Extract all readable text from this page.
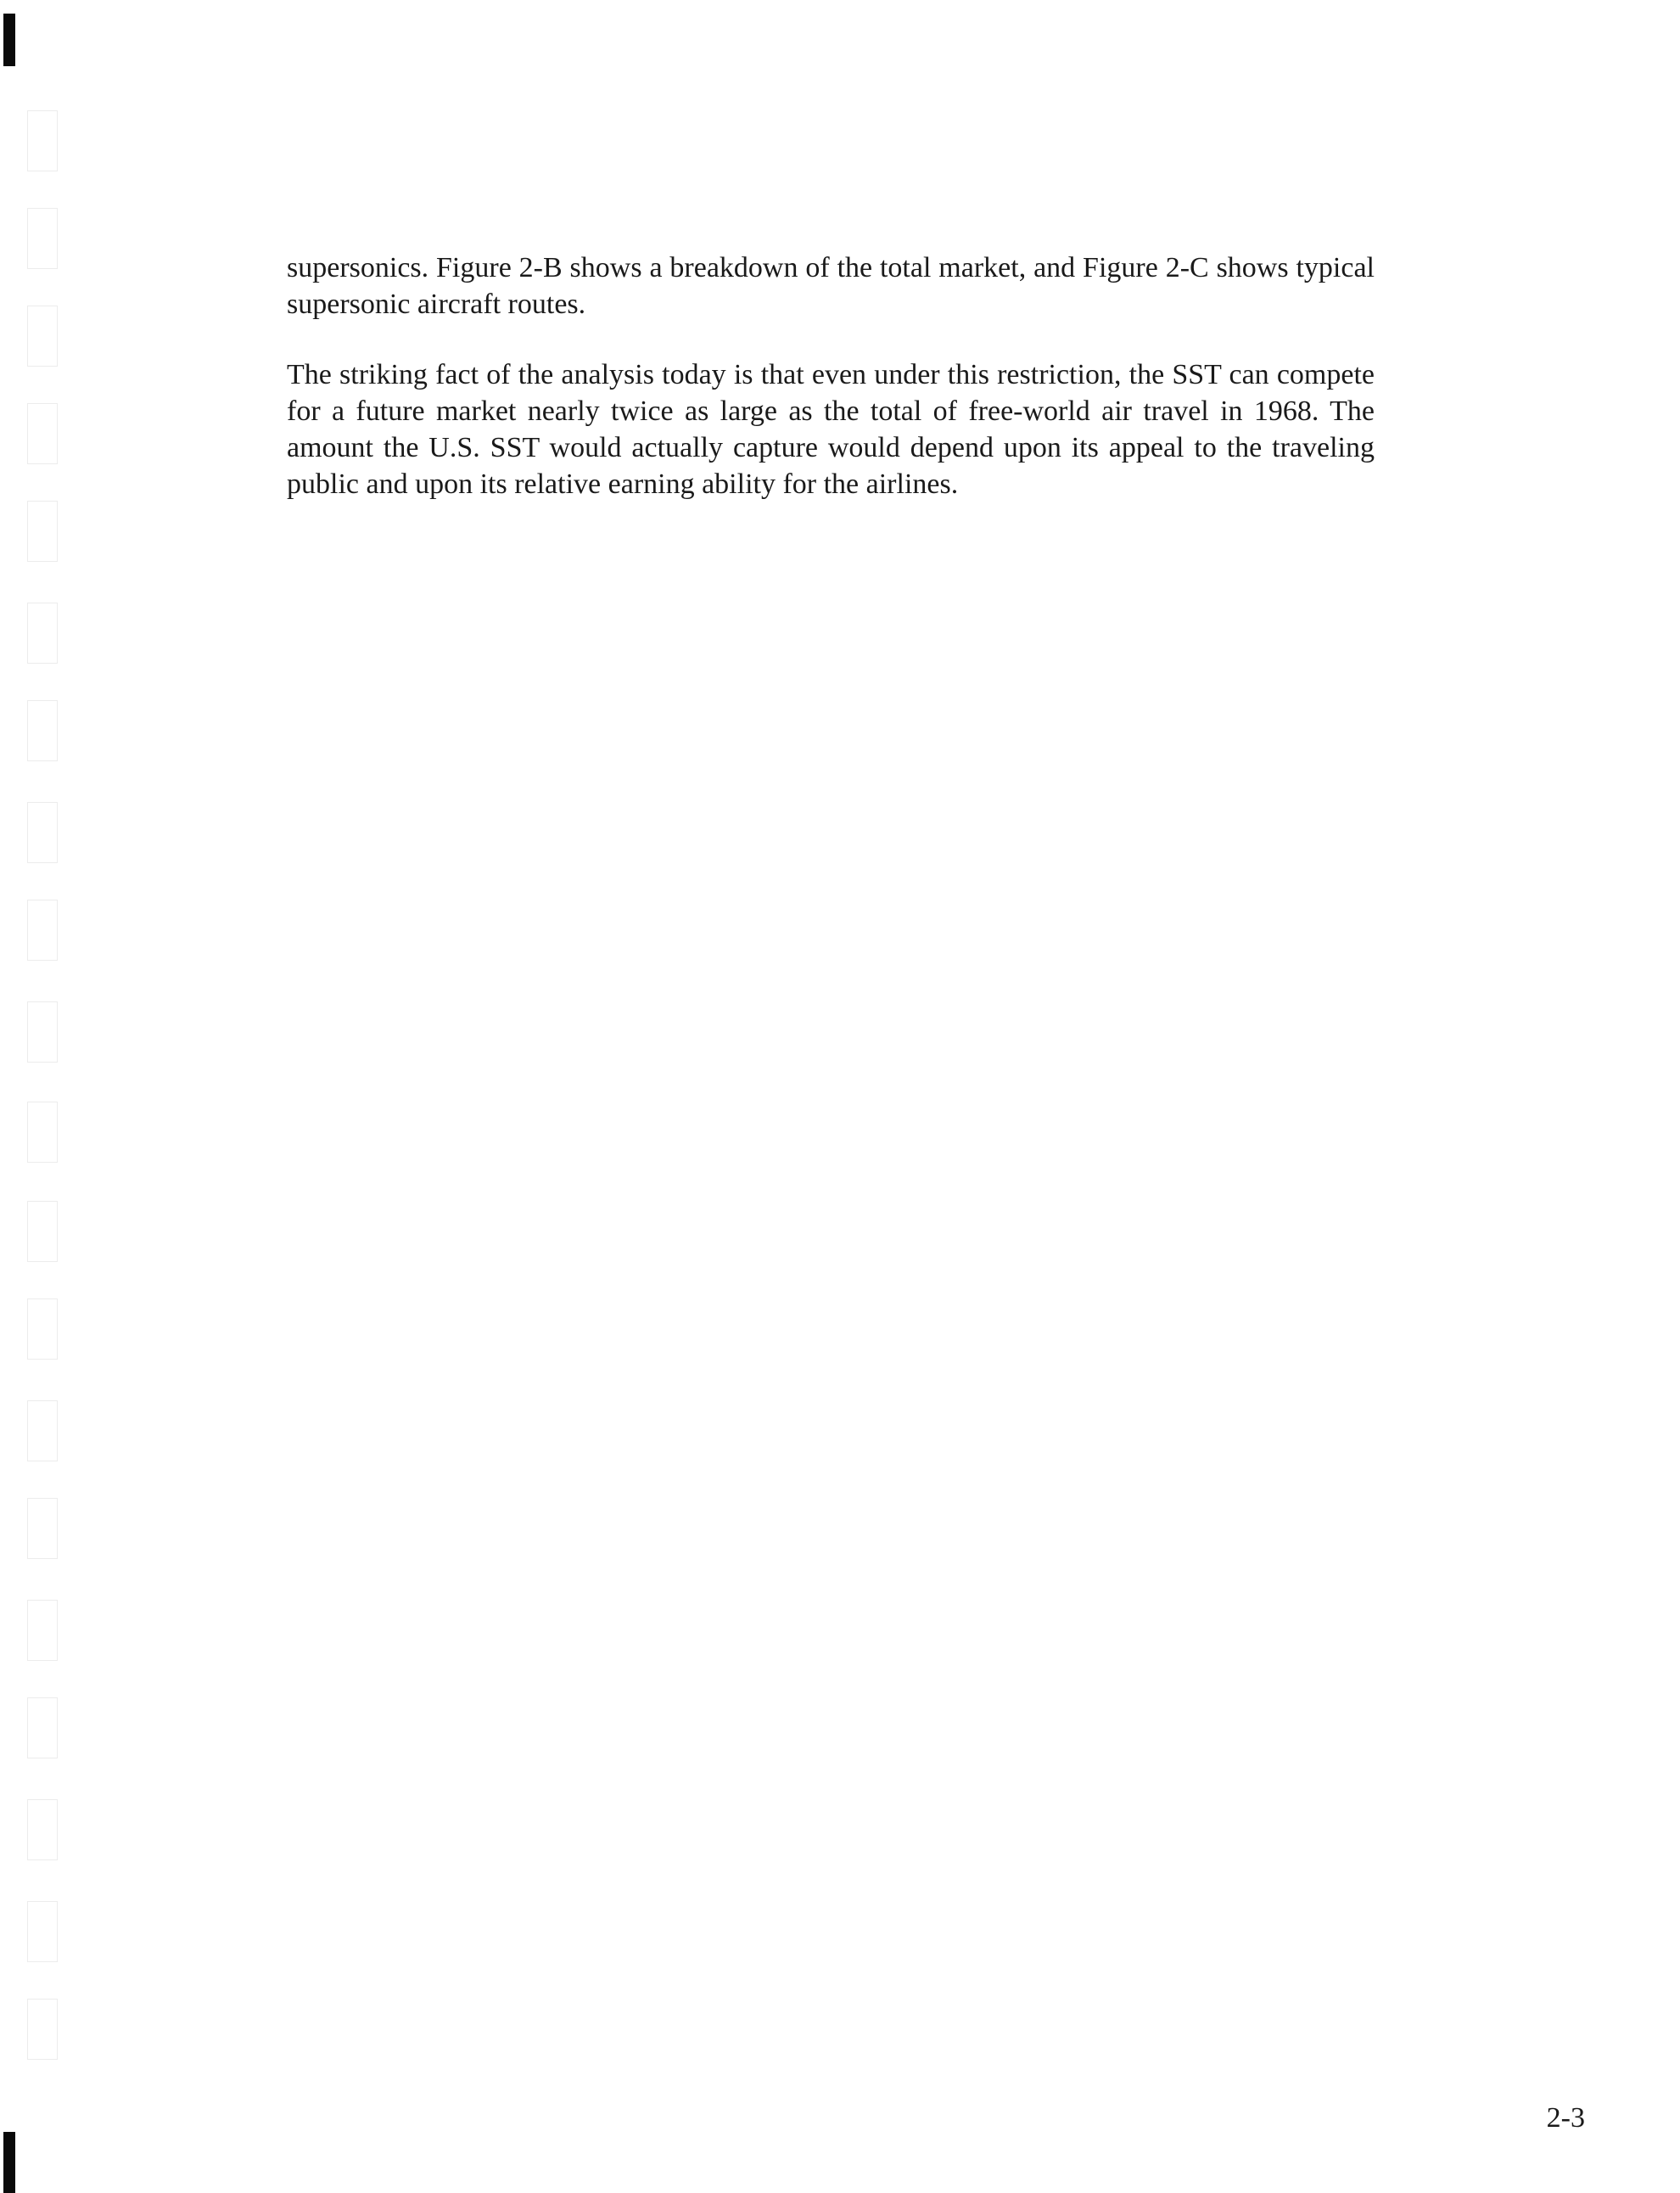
supersonics. Figure 2-B shows a breakdown of the total market, and Figure 2-C shows typical supersonic aircraft routes.

The striking fact of the analysis today is that even under this restriction, the SST can compete for a future market nearly twice as large as the total of free-world air travel in 1968. The amount the U.S. SST would actually capture would depend upon its appeal to the traveling public and upon its relative earning ability for the airlines.

2-3
